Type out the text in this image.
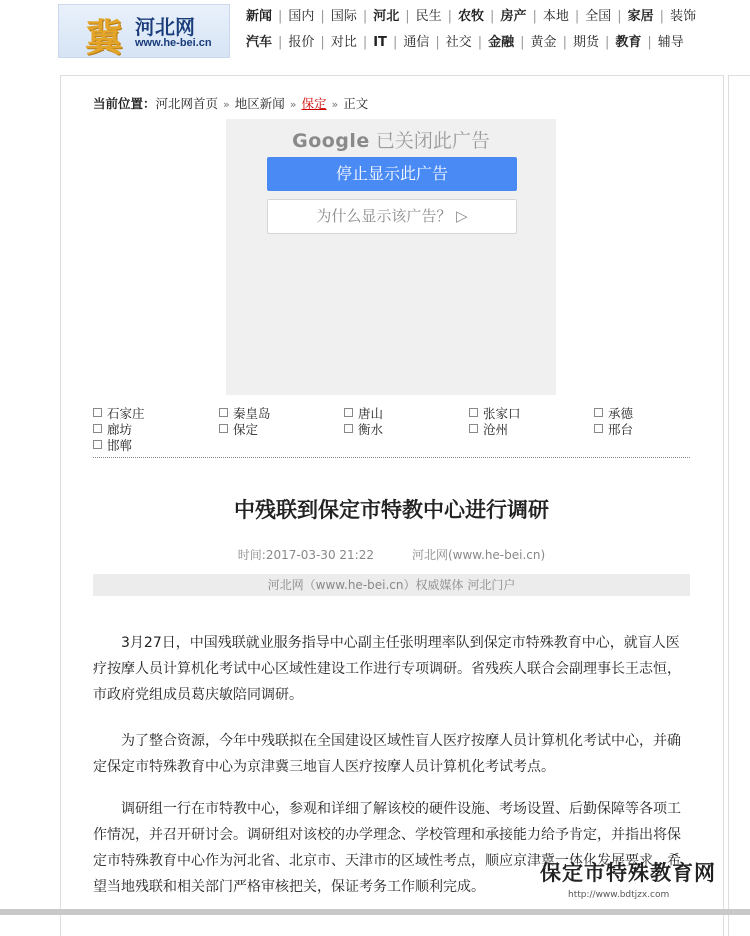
冀 河北网
www.he-bei.cn
新闻 | 国内 | 国际 | 河北 | 民生 | 农牧 | 房产 | 本地 | 全国 | 家居 | 装饰
汽车 | 报价 | 对比 | IT | 通信 | 社交 | 金融 | 黄金 | 期货 | 教育 | 辅导
当前位置：河北网首页 » 地区新闻 » 保定 » 正文
Google 已关闭此广告
停止显示此广告
为什么显示该广告？ ▷
石家庄	秦皇岛	唐山	张家口	承德
廊坊	保定	衡水	沧州	邢台
邯郸
中残联到保定市特教中心进行调研
时间:2017-03-30 21:22	河北网(www.he-bei.cn)
河北网（www.he-bei.cn）权威媒体 河北门户
3月27日，中国残联就业服务指导中心副主任张明理率队到保定市特殊教育中心，就盲人医疗按摩人员计算机化考试中心区域性建设工作进行专项调研。省残疾人联合会副理事长王志恒，市政府党组成员葛庆敏陪同调研。
为了整合资源，今年中残联拟在全国建设区域性盲人医疗按摩人员计算机化考试中心，并确定保定市特殊教育中心为京津冀三地盲人医疗按摩人员计算机化考试考点。
调研组一行在市特教中心，参观和详细了解该校的硬件设施、考场设置、后勤保障等各项工作情况，并召开研讨会。调研组对该校的办学理念、学校管理和承接能力给予肯定，并指出将保定市特殊教育中心作为河北省、北京市、天津市的区域性考点，顺应京津冀一体化发展要求，希望当地残联和相关部门严格审核把关，保证考务工作顺利完成。
保定市特殊教育网
http://www.bdtjzx.com
